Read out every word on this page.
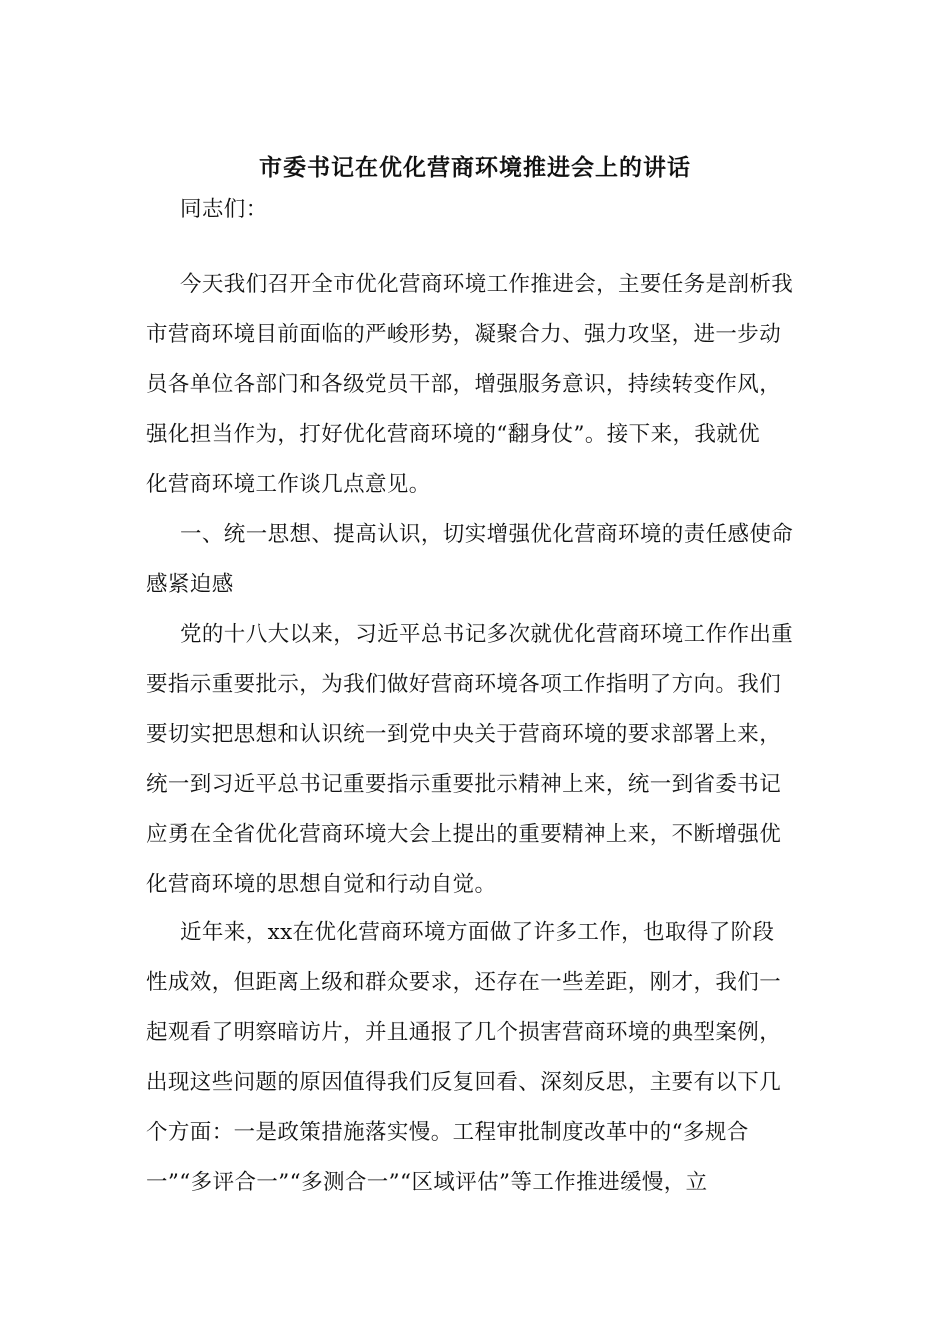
市委书记在优化营商环境推进会上的讲话
同志们：
今天我们召开全市优化营商环境工作推进会，主要任务是剖析我
市营商环境目前面临的严峻形势，凝聚合力、强力攻坚，进一步动
员各单位各部门和各级党员干部，增强服务意识，持续转变作风，
强化担当作为，打好优化营商环境的“翻身仗”。接下来，我就优
化营商环境工作谈几点意见。
一、统一思想、提高认识，切实增强优化营商环境的责任感使命
感紧迫感
党的十八大以来，习近平总书记多次就优化营商环境工作作出重
要指示重要批示，为我们做好营商环境各项工作指明了方向。我们
要切实把思想和认识统一到党中央关于营商环境的要求部署上来，
统一到习近平总书记重要指示重要批示精神上来，统一到省委书记
应勇在全省优化营商环境大会上提出的重要精神上来，不断增强优
化营商环境的思想自觉和行动自觉。
近年来，xx在优化营商环境方面做了许多工作，也取得了阶段
性成效，但距离上级和群众要求，还存在一些差距，刚才，我们一
起观看了明察暗访片，并且通报了几个损害营商环境的典型案例，
出现这些问题的原因值得我们反复回看、深刻反思，主要有以下几
个方面：一是政策措施落实慢。工程审批制度改革中的“多规合
一”“多评合一”“多测合一”“区域评估”等工作推进缓慢，立
